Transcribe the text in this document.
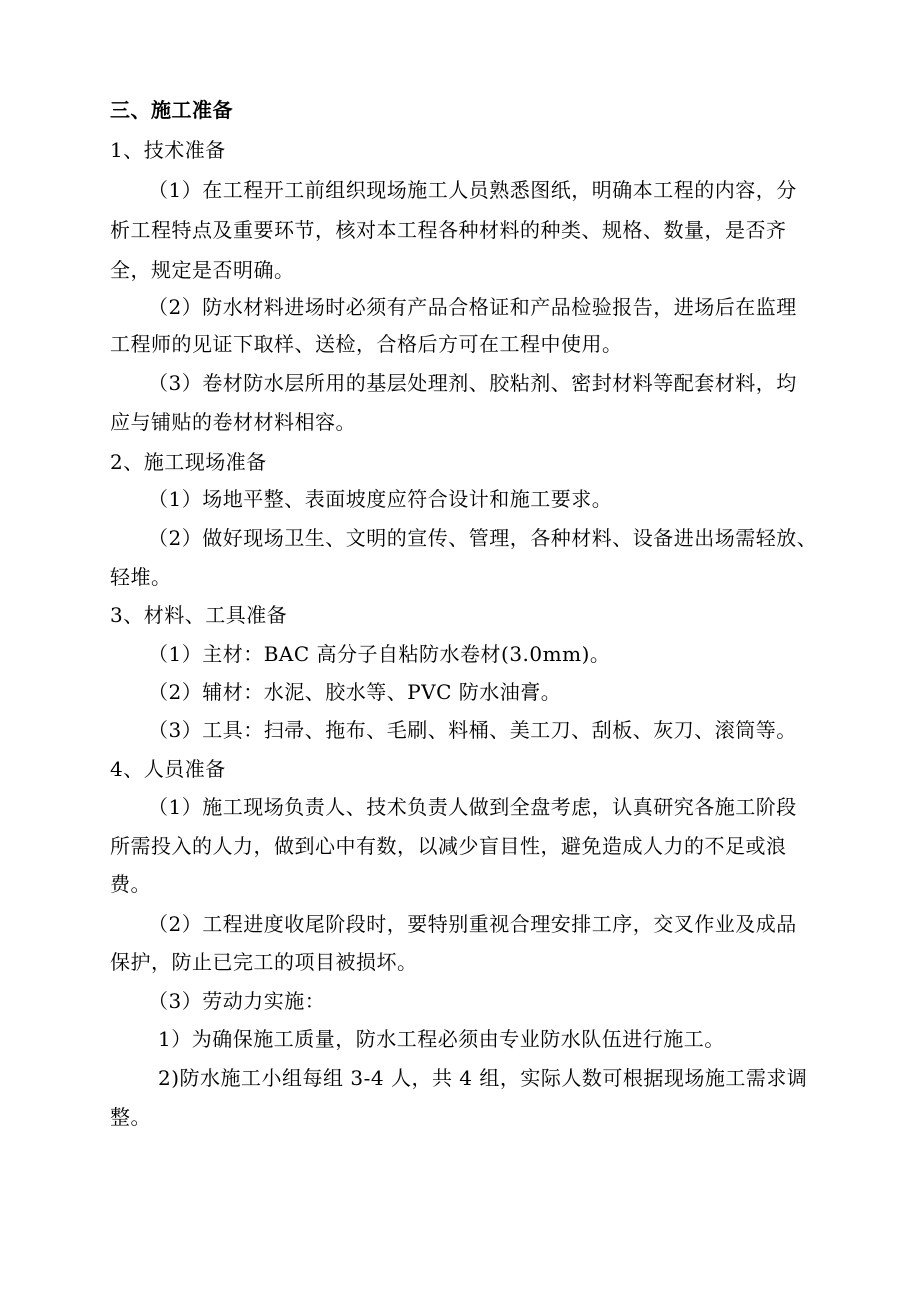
三、施工准备
1、技术准备
（1）在工程开工前组织现场施工人员熟悉图纸，明确本工程的内容，分
析工程特点及重要环节，核对本工程各种材料的种类、规格、数量，是否齐
全，规定是否明确。
（2）防水材料进场时必须有产品合格证和产品检验报告，进场后在监理
工程师的见证下取样、送检，合格后方可在工程中使用。
（3）卷材防水层所用的基层处理剂、胶粘剂、密封材料等配套材料，均
应与铺贴的卷材材料相容。
2、施工现场准备
（1）场地平整、表面坡度应符合设计和施工要求。
（2）做好现场卫生、文明的宣传、管理，各种材料、设备进出场需轻放、
轻堆。
3、材料、工具准备
（1）主材：BAC 高分子自粘防水卷材(3.0mm)。
（2）辅材：水泥、胶水等、PVC 防水油膏。
（3）工具：扫帚、拖布、毛刷、料桶、美工刀、刮板、灰刀、滚筒等。
4、人员准备
（1）施工现场负责人、技术负责人做到全盘考虑，认真研究各施工阶段
所需投入的人力，做到心中有数，以减少盲目性，避免造成人力的不足或浪
费。
（2）工程进度收尾阶段时，要特别重视合理安排工序，交叉作业及成品
保护，防止已完工的项目被损坏。
（3）劳动力实施：
1）为确保施工质量，防水工程必须由专业防水队伍进行施工。
2)防水施工小组每组 3-4 人，共 4 组，实际人数可根据现场施工需求调
整。
